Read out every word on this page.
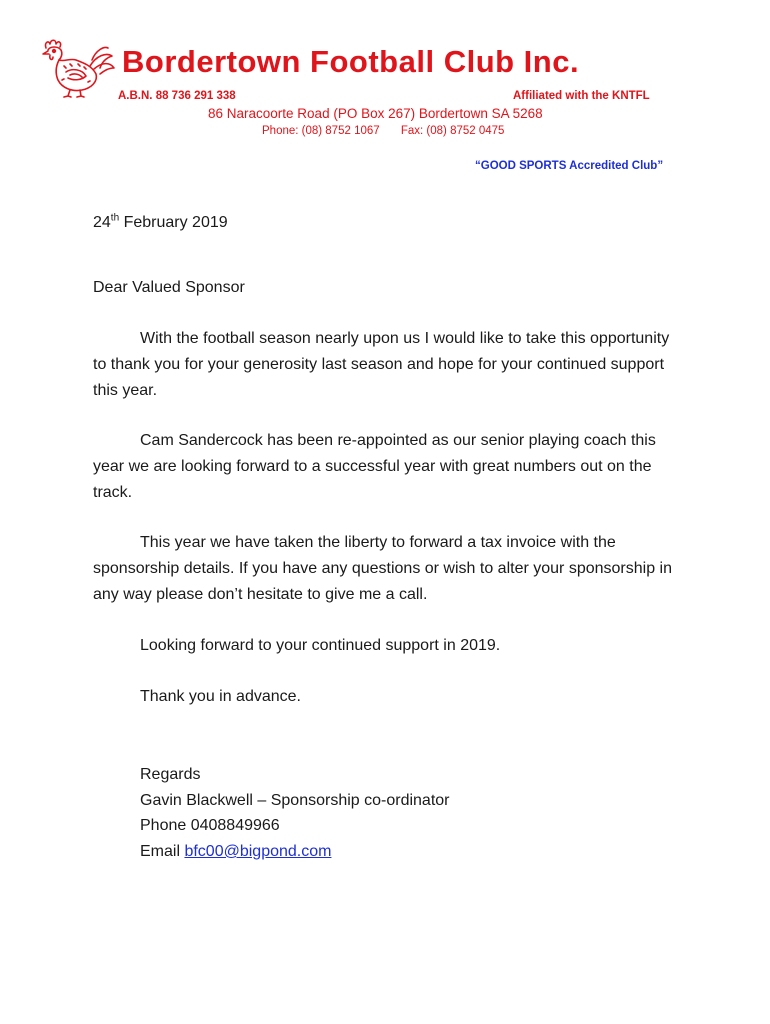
Bordertown Football Club Inc.
A.B.N. 88 736 291 338	Affiliated with the KNTFL
86 Naracoorte Road (PO Box 267) Bordertown SA 5268
Phone: (08) 8752 1067 Fax: (08) 8752 0475
“GOOD SPORTS Accredited Club”
24th February 2019
Dear Valued Sponsor

With the football season nearly upon us I would like to take this opportunity to thank you for your generosity last season and hope for your continued support this year.

Cam Sandercock has been re-appointed as our senior playing coach this year we are looking forward to a successful year with great numbers out on the track.

This year we have taken the liberty to forward a tax invoice with the sponsorship details. If you have any questions or wish to alter your sponsorship in any way please don’t hesitate to give me a call.

Looking forward to your continued support in 2019.
Thank you in advance.
Regards
Gavin Blackwell – Sponsorship co-ordinator
Phone 0408849966
Email bfc00@bigpond.com
